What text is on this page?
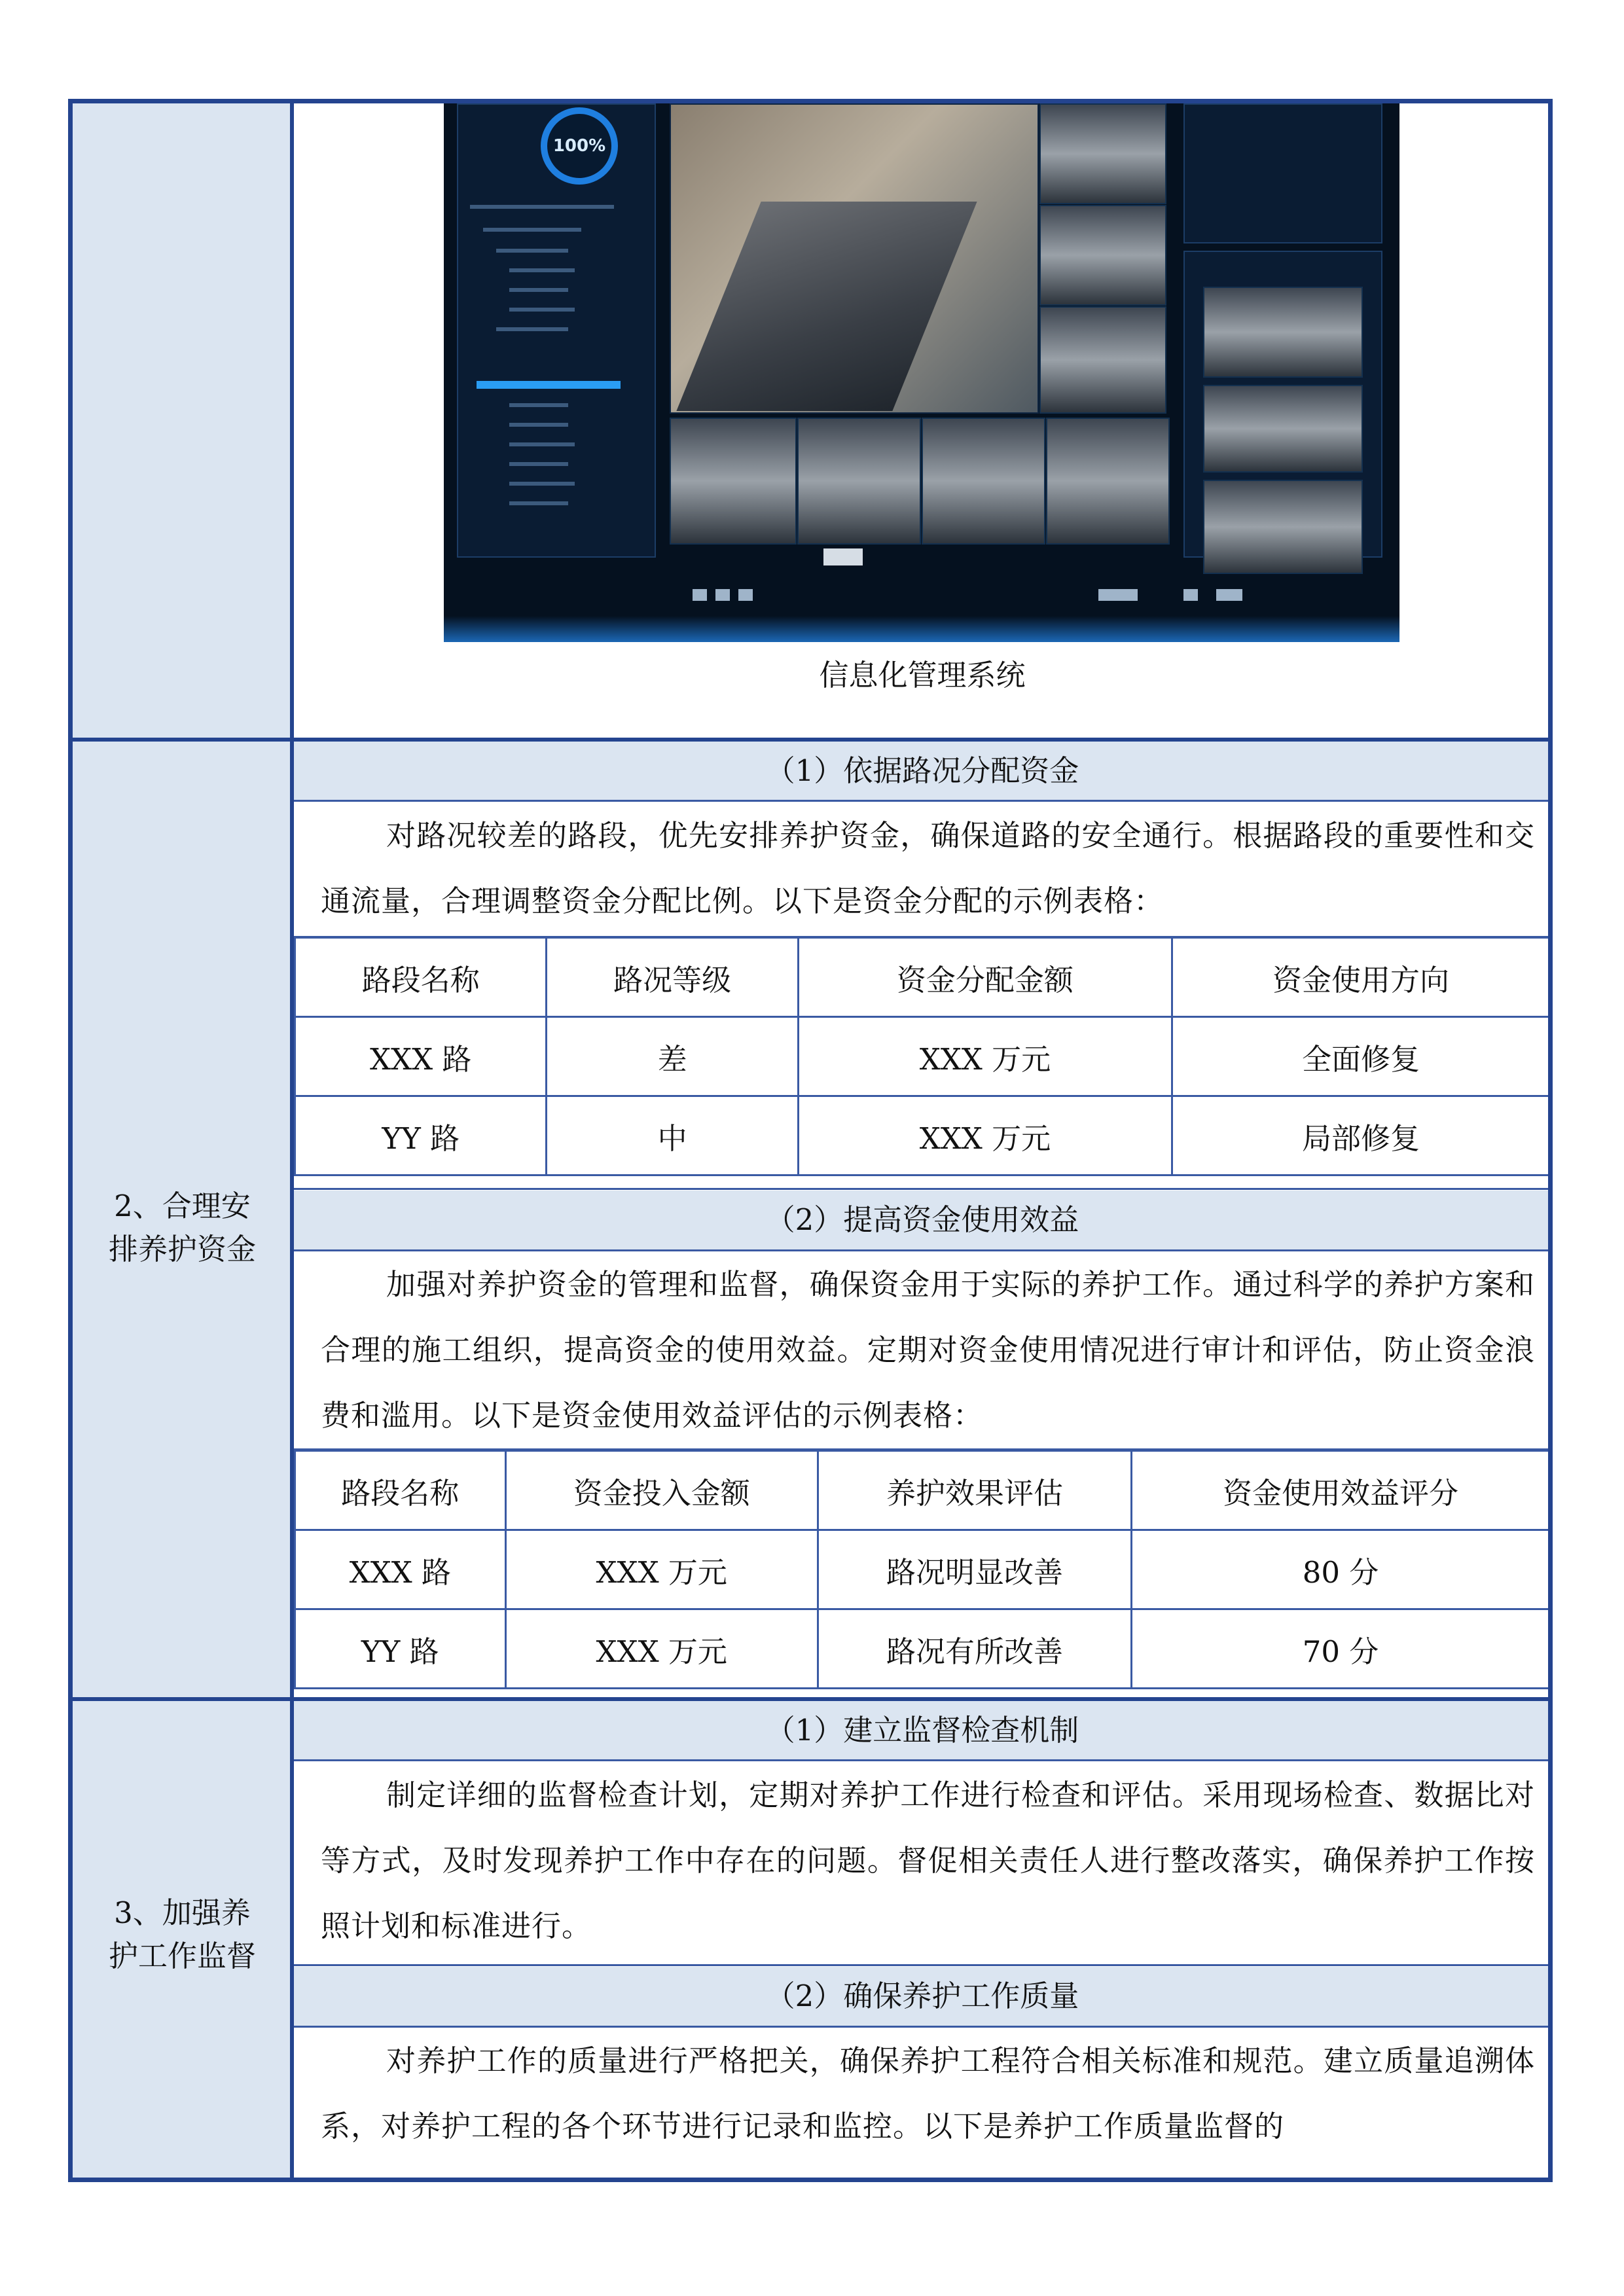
100%
信息化管理系统
2、合理安
排养护资金
（1）依据路况分配资金
对路况较差的路段，优先安排养护资金，确保道路的安全通行。根据路段的重要性和交通流量，合理调整资金分配比例。以下是资金分配的示例表格：
路段名称	路况等级	资金分配金额	资金使用方向
XXX 路	差	XXX 万元	全面修复
YY 路	中	XXX 万元	局部修复
（2）提高资金使用效益
加强对养护资金的管理和监督，确保资金用于实际的养护工作。通过科学的养护方案和合理的施工组织，提高资金的使用效益。定期对资金使用情况进行审计和评估，防止资金浪费和滥用。以下是资金使用效益评估的示例表格：
路段名称	资金投入金额	养护效果评估	资金使用效益评分
XXX 路	XXX 万元	路况明显改善	80 分
YY 路	XXX 万元	路况有所改善	70 分
3、加强养
护工作监督
（1）建立监督检查机制
制定详细的监督检查计划，定期对养护工作进行检查和评估。采用现场检查、数据比对等方式，及时发现养护工作中存在的问题。督促相关责任人进行整改落实，确保养护工作按照计划和标准进行。
（2）确保养护工作质量
对养护工作的质量进行严格把关，确保养护工程符合相关标准和规范。建立质量追溯体系，对养护工程的各个环节进行记录和监控。以下是养护工作质量监督的
